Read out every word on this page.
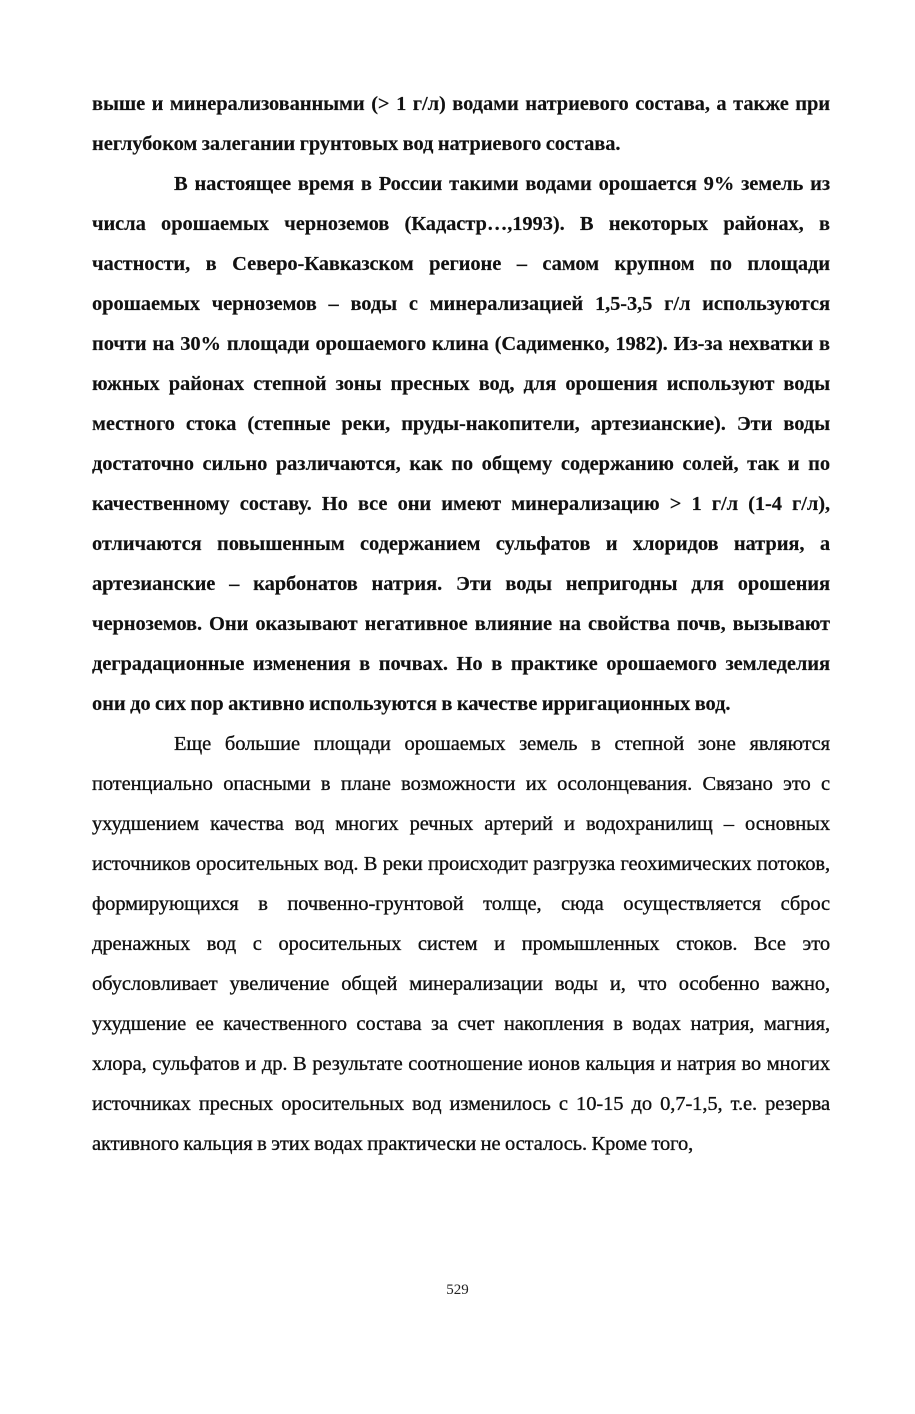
выше и минерализованными (> 1 г/л) водами натриевого состава, а также при неглубоком залегании грунтовых вод натриевого состава.

В настоящее время в России такими водами орошается 9% земель из числа орошаемых черноземов (Кадастр…,1993). В некоторых районах, в частности, в Северо-Кавказском регионе – самом крупном по площади орошаемых черноземов – воды с минерализацией 1,5-3,5 г/л используются почти на 30% площади орошаемого клина (Садименко, 1982). Из-за нехватки в южных районах степной зоны пресных вод, для орошения используют воды местного стока (степные реки, пруды-накопители, артезианские). Эти воды достаточно сильно различаются, как по общему содержанию солей, так и по качественному составу. Но все они имеют минерализацию > 1 г/л (1-4 г/л), отличаются повышенным содержанием сульфатов и хлоридов натрия, а артезианские – карбонатов натрия. Эти воды непригодны для орошения черноземов. Они оказывают негативное влияние на свойства почв, вызывают деградационные изменения в почвах. Но в практике орошаемого земледелия они до сих пор активно используются в качестве ирригационных вод.

Еще большие площади орошаемых земель в степной зоне являются потенциально опасными в плане возможности их осолонцевания. Связано это с ухудшением качества вод многих речных артерий и водохранилищ – основных источников оросительных вод. В реки происходит разгрузка геохимических потоков, формирующихся в почвенно-грунтовой толще, сюда осуществляется сброс дренажных вод с оросительных систем и промышленных стоков. Все это обусловливает увеличение общей минерализации воды и, что особенно важно, ухудшение ее качественного состава за счет накопления в водах натрия, магния, хлора, сульфатов и др. В результате соотношение ионов кальция и натрия во многих источниках пресных оросительных вод изменилось с 10-15 до 0,7-1,5, т.е. резерва активного кальция в этих водах практически не осталось. Кроме того,

529
